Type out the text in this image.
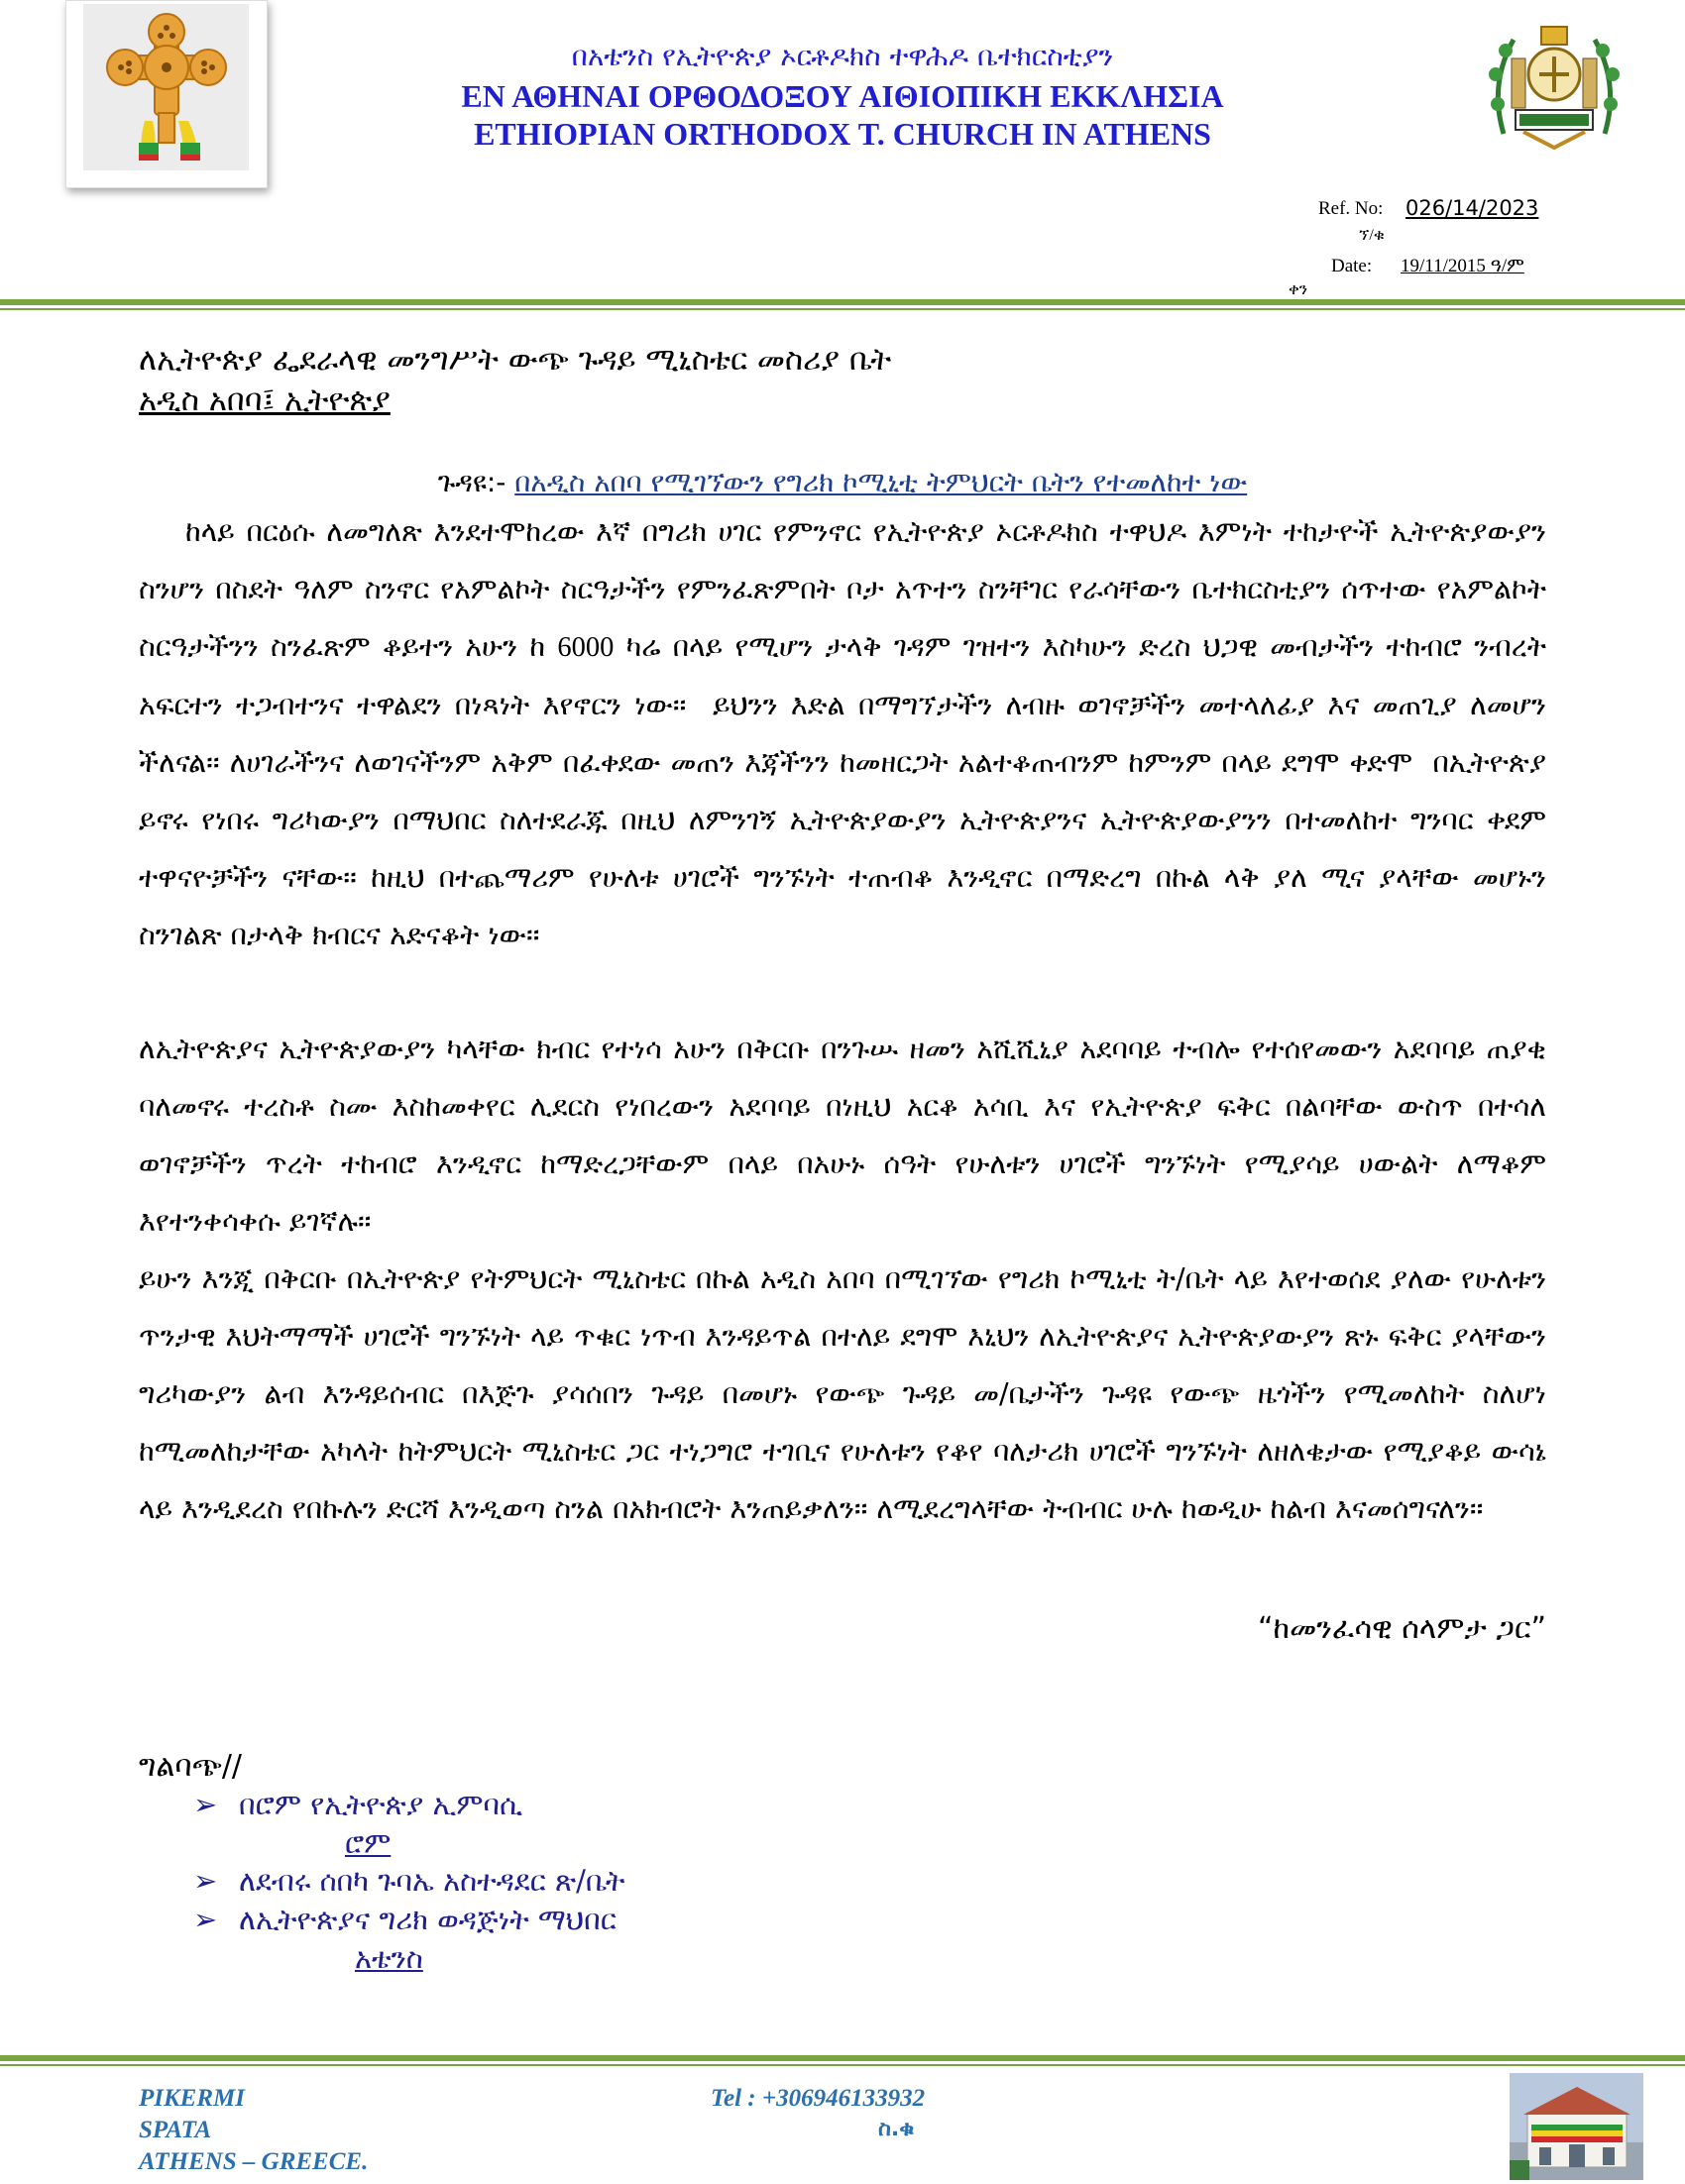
በአቴንስ የኢትዮጵያ ኦርቶዶክስ ተዋሕዶ ቤተክርስቲያን
ΕΝ ΑΘΗΝΑΙ ΟΡΘΟΔΟΞΟΥ ΑΙΘΙΟΠΙΚΗ ΕΚΚΛΗΣΙΑ
ETHIOPIAN ORTHODOX T. CHURCH IN ATHENS
Ref. No: 026/14/2023
ኘ/ቁ
Date: 19/11/2015 ዓ/ም
ቀን
ለኢትዮጵያ ፌደራላዊ መንግሥት ውጭ ጉዳይ ሚኒስቴር መስሪያ ቤት
አዲስ አበባ፤ ኢትዮጵያ
ጉዳዩ:- በአዲስ አበባ የሚገኘውን የግሪክ ኮሚኒቲ ትምህርት ቤትን የተመለከተ ነው
ከላይ በርዕሱ ለመግለጽ እንደተሞከረው እኛ በግሪክ ሀገር የምንኖር የኢትዮጵያ ኦርቶዶክስ ተዋህዶ እምነት ተከታዮች ኢትዮጵያውያን ስንሆን በስደት ዓለም ስንኖር የአምልኮት ስርዓታችን የምንፈጽምበት ቦታ አጥተን ስንቸገር የራሳቸውን ቤተክርስቲያን ሰጥተው የአምልኮት ስርዓታችንን ስንፈጽም ቆይተን አሁን ከ 6000 ካሬ በላይ የሚሆን ታላቅ ገዳም ገዝተን እስካሁን ድረስ ህጋዊ መብታችን ተከብሮ ንብረት አፍርተን ተጋብተንና ተዋልደን በነጻነት እየኖርን ነው፡፡  ይህንን እድል በማግኘታችን ለብዙ ወገኖቻችን መተላለፊያ እና መጠጊያ ለመሆን ችለናል፡፡ ለሀገራችንና ለወገናችንም አቅም በፈቀደው መጠን እጃችንን ከመዘርጋት አልተቆጠብንም ከምንም በላይ ደግሞ ቀድሞ  በኢትዮጵያ ይኖሩ የነበሩ ግሪካውያን በማህበር ስለተደራጁ በዚህ ለምንገኝ ኢትዮጵያውያን ኢትዮጵያንና ኢትዮጵያውያንን በተመለከተ ግንባር ቀደም ተዋናዮቻችን ናቸው፡፡ ከዚህ በተጨማሪም የሁለቱ ሀገሮች ግንኙነት ተጠብቆ እንዲኖር በማድረግ በኩል ላቅ ያለ ሚና ያላቸው መሆኑን ስንገልጽ በታላቅ ክብርና አድናቆት ነው፡፡
ለኢትዮጵያና ኢትዮጵያውያን ካላቸው ክብር የተነሳ አሁን በቅርቡ በንጉሡ ዘመን አሺሺኒያ አደባባይ ተብሎ የተሰየመውን አደባባይ ጠያቂ ባለመኖሩ ተረስቶ ስሙ እስከመቀየር ሊደርስ የነበረውን አደባባይ በነዚህ አርቆ አሳቢ እና የኢትዮጵያ ፍቅር በልባቸው ውስጥ በተሳለ ወገኖቻችን ጥረት ተከብሮ እንዲኖር ከማድረጋቸውም በላይ በአሁኑ ሰዓት የሁለቱን ሀገሮች ግንኙነት የሚያሳይ ሀውልት ለማቆም እየተንቀሳቀሱ ይገኛሉ፡፡
ይሁን እንጂ በቅርቡ በኢትዮጵያ የትምህርት ሚኒስቴር በኩል አዲስ አበባ በሚገኘው የግሪክ ኮሚኒቲ ት/ቤት ላይ እየተወሰደ ያለው የሁለቱን ጥንታዊ እህትማማች ሀገሮች ግንኙነት ላይ ጥቁር ነጥብ እንዳይጥል በተለይ ደግሞ እኒህን ለኢትዮጵያና ኢትዮጵያውያን ጽኑ ፍቅር ያላቸውን ግሪካውያን ልብ እንዳይሰብር በእጅጉ ያሳሰበን ጉዳይ በመሆኑ የውጭ ጉዳይ መ/ቤታችን ጉዳዩ የውጭ ዜጎችን የሚመለከት ስለሆነ ከሚመለከታቸው አካላት ከትምህርት ሚኒስቴር ጋር ተነጋግሮ ተገቢና የሁለቱን የቆየ ባለታሪክ ሀገሮች ግንኙነት ለዘለቄታው የሚያቆይ ውሳኔ ላይ እንዲደረስ የበኩሉን ድርሻ እንዲወጣ ስንል በአክብሮት እንጠይቃለን፡፡ ለሚደረግላቸው ትብብር ሁሉ ከወዲሁ ከልብ እናመሰግናለን፡፡
“ከመንፈሳዊ ሰላምታ ጋር”
ግልባጭ//
➢ በሮም የኢትዮጵያ ኢምባሲ
ሮም
➢ ለደብሩ ሰበካ ጉባኤ አስተዳደር ጽ/ቤት
➢ ለኢትዮጵያና ግሪክ ወዳጅነት ማህበር
አቴንስ
PIKERMI
SPATA
ATHENS – GREECE.
Tel : +306946133932
ስ.ቁ
